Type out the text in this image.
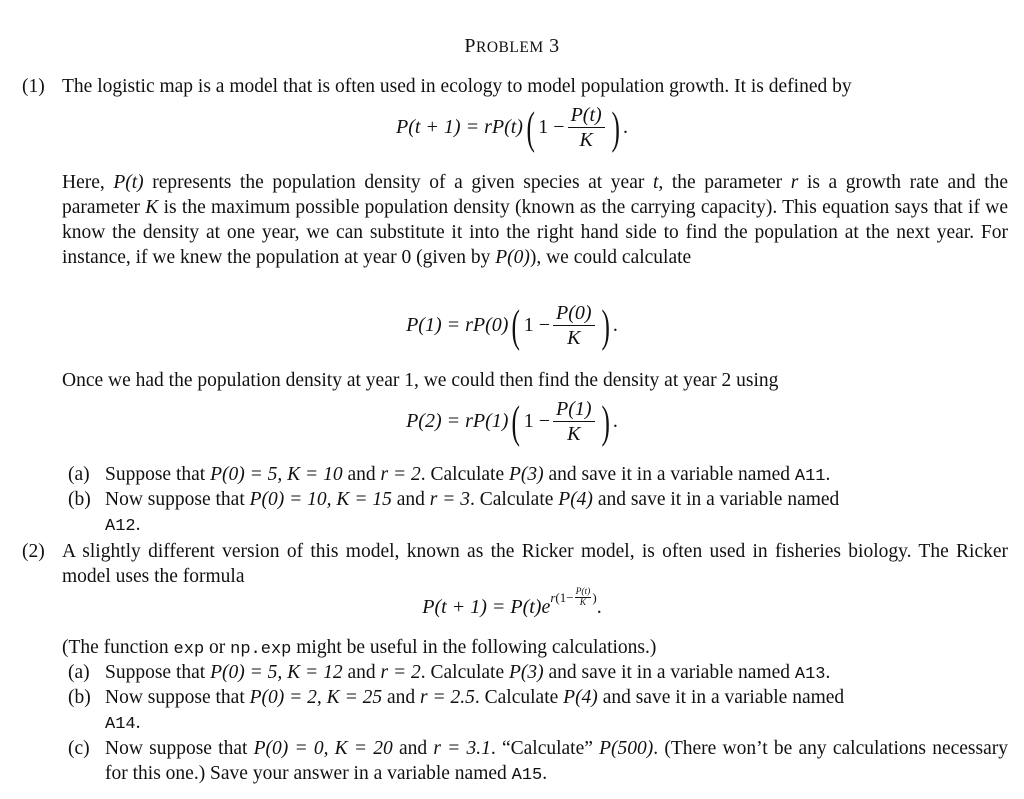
PROBLEM 3
(1) The logistic map is a model that is often used in ecology to model population growth. It is defined by
P(t + 1) = rP(t) ( $1 - \frac{P(t)}{K}$ ) .
Here, P(t) represents the population density of a given species at year t, the parameter r is a growth rate and the parameter K is the maximum possible population density (known as the carrying capacity). This equation says that if we know the density at one year, we can substitute it into the right hand side to find the population at the next year. For instance, if we knew the population at year 0 (given by P(0)), we could calculate
P(1) = rP(0) ( $1 - \frac{P(0)}{K}$ ) .
Once we had the population density at year 1, we could then find the density at year 2 using
P(2) = rP(1) ( $1 - \frac{P(1)}{K}$ ) .
(a) Suppose that P(0) = 5, K = 10 and r = 2. Calculate P(3) and save it in a variable named A11.
(b) Now suppose that P(0) = 10, K = 15 and r = 3. Calculate P(4) and save it in a variable named
A12.
(2) A slightly different version of this model, known as the Ricker model, is often used in fisheries biology. The Ricker model uses the formula
P(t + 1) = P(t)e r ($1- \frac{P(t)}{K}$ ) .
(The function exp or np.exp might be useful in the following calculations.)
(a) Suppose that P(0) = 5, K = 12 and r = 2. Calculate P(3) and save it in a variable named A13.
(b) Now suppose that P(0) = 2, K = 25 and r = 2.5. Calculate P(4) and save it in a variable named
A14.
(c) Now suppose that P(0) = 0, K = 20 and r = 3.1. “Calculate” P(500). (There won’t be any calculations necessary for this one.) Save your answer in a variable named A15.
